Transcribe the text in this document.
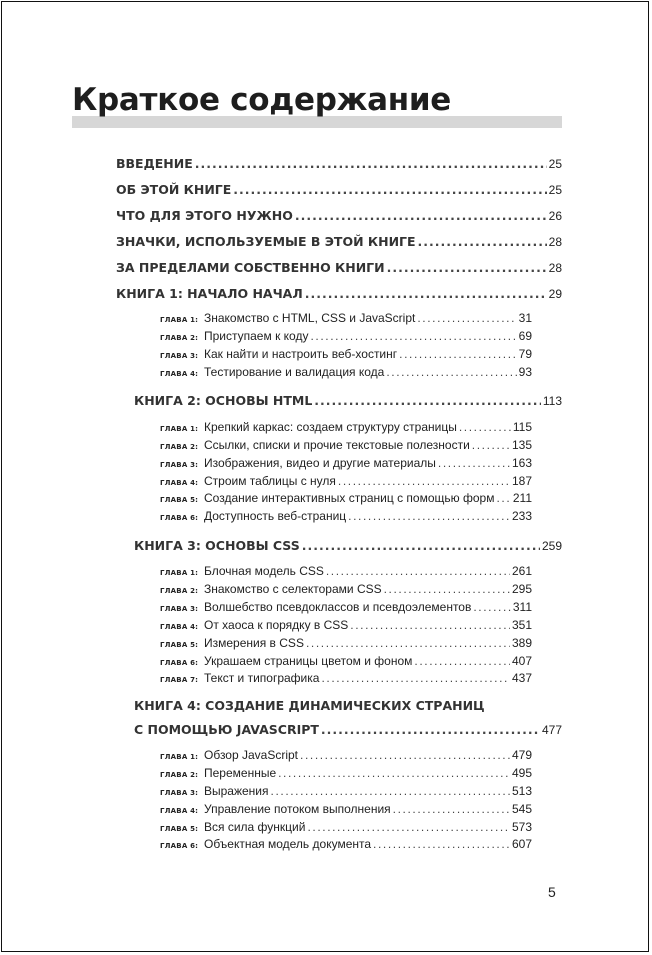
Краткое содержание
ВВЕДЕНИЕ .....	25
ОБ ЭТОЙ КНИГЕ .....	25
ЧТО ДЛЯ ЭТОГО НУЖНО .....	26
ЗНАЧКИ, ИСПОЛЬЗУЕМЫЕ В ЭТОЙ КНИГЕ .....	28
ЗА ПРЕДЕЛАМИ СОБСТВЕННО КНИГИ .....	28
КНИГА 1: НАЧАЛО НАЧАЛ .....	29
ГЛАВА 1: Знакомство с HTML, CSS и JavaScript .....	31
ГЛАВА 2: Приступаем к коду .....	69
ГЛАВА 3: Как найти и настроить веб-хостинг .....	79
ГЛАВА 4: Тестирование и валидация кода .....	93
КНИГА 2: ОСНОВЫ HTML .....	113
ГЛАВА 1: Крепкий каркас: создаем структуру страницы .....	115
ГЛАВА 2: Ссылки, списки и прочие текстовые полезности .....	135
ГЛАВА 3: Изображения, видео и другие материалы .....	163
ГЛАВА 4: Строим таблицы с нуля .....	187
ГЛАВА 5: Создание интерактивных страниц с помощью форм ..... 211
ГЛАВА 6: Доступность веб-страниц .....	233
КНИГА 3: ОСНОВЫ CSS .....	259
ГЛАВА 1: Блочная модель CSS .....	261
ГЛАВА 2: Знакомство с селекторами CSS .....	295
ГЛАВА 3: Волшебство псевдоклассов и псевдоэлементов .....	311
ГЛАВА 4: От хаоса к порядку в CSS .....	351
ГЛАВА 5: Измерения в CSS .....	389
ГЛАВА 6: Украшаем страницы цветом и фоном .....	407
ГЛАВА 7: Текст и типографика .....	437
КНИГА 4: СОЗДАНИЕ ДИНАМИЧЕСКИХ СТРАНИЦ
С ПОМОЩЬЮ JAVASCRIPT .....	477
ГЛАВА 1: Обзор JavaScript .....	479
ГЛАВА 2: Переменные .....	495
ГЛАВА 3: Выражения .....	513
ГЛАВА 4: Управление потоком выполнения .....	545
ГЛАВА 5: Вся сила функций .....	573
ГЛАВА 6: Объектная модель документа .....	607
5
